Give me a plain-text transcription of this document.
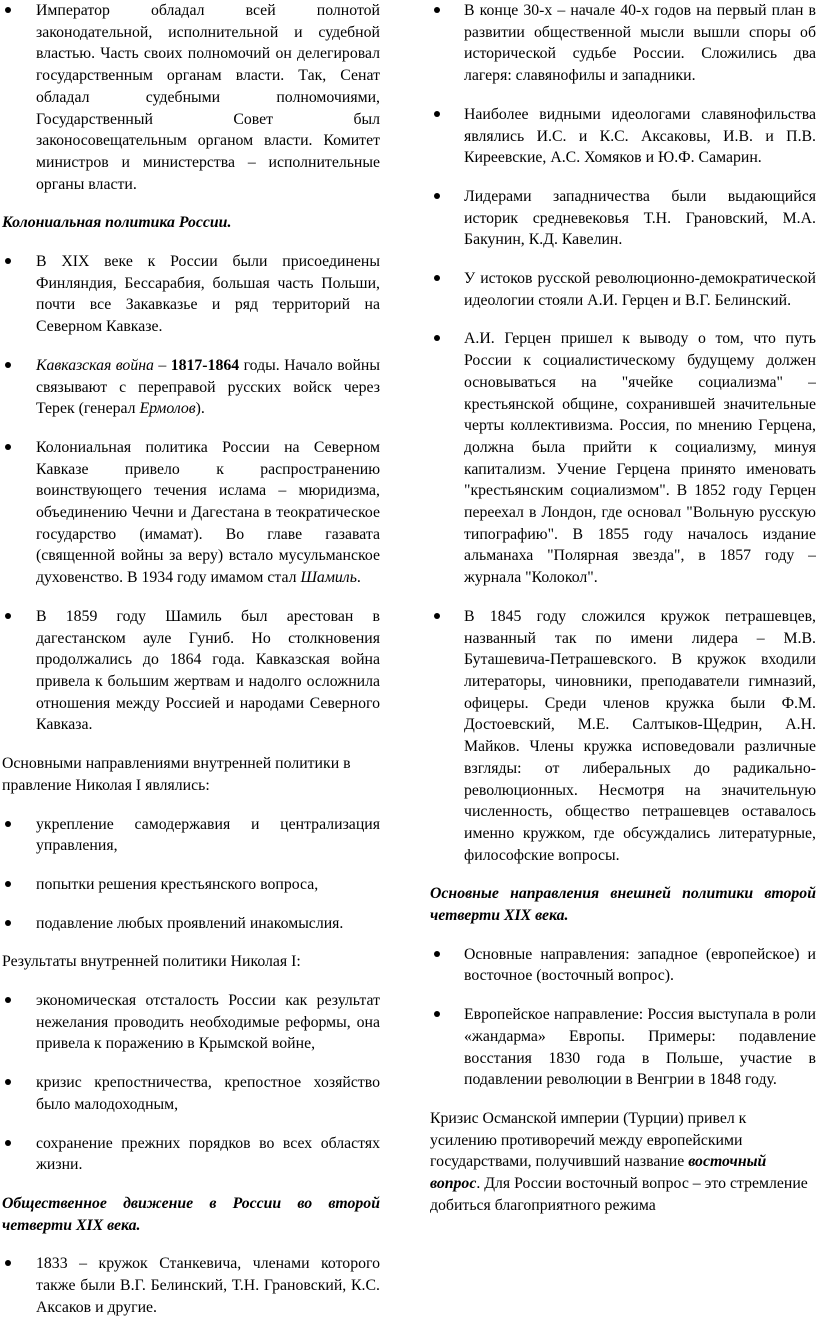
Император обладал всей полнотой законодательной, исполнительной и судебной властью. Часть своих полномочий он делегировал государственным органам власти. Так, Сенат обладал судебными полномочиями, Государственный Совет был законосовещательным органом власти. Комитет министров и министерства – исполнительные органы власти.

Колониальная политика России.

В XIX веке к России были присоединены Финляндия, Бессарабия, большая часть Польши, почти все Закавказье и ряд территорий на Северном Кавказе.
Кавказская война – 1817-1864 годы. Начало войны связывают с переправой русских войск через Терек (генерал Ермолов).
Колониальная политика России на Северном Кавказе привело к распространению воинствующего течения ислама – мюридизма, объединению Чечни и Дагестана в теократическое государство (имамат). Во главе газавата (священной войны за веру) встало мусульманское духовенство. В 1934 году имамом стал Шамиль.
В 1859 году Шамиль был арестован в дагестанском ауле Гуниб. Но столкновения продолжались до 1864 года. Кавказская война привела к большим жертвам и надолго осложнила отношения между Россией и народами Северного Кавказа.

Основными направлениями внутренней политики в правление Николая I являлись:

укрепление самодержавия и централизация управления,
попытки решения крестьянского вопроса,
подавление любых проявлений инакомыслия.

Результаты внутренней политики Николая I:

экономическая отсталость России как результат нежелания проводить необходимые реформы, она привела к поражению в Крымской войне,
кризис крепостничества, крепостное хозяйство было малодоходным,
сохранение прежних порядков во всех областях жизни.

Общественное движение в России во второй четверти XIX века.

1833 – кружок Станкевича, членами которого также были В.Г. Белинский, Т.Н. Грановский, К.С. Аксаков и другие.
В конце 30-х – начале 40-х годов на первый план в развитии общественной мысли вышли споры об исторической судьбе России. Сложились два лагеря: славянофилы и западники.
Наиболее видными идеологами славянофильства являлись И.С. и К.С. Аксаковы, И.В. и П.В. Киреевские, А.С. Хомяков и Ю.Ф. Самарин.
Лидерами западничества были выдающийся историк средневековья Т.Н. Грановский, М.А. Бакунин, К.Д. Кавелин.
У истоков русской революционно-демократической идеологии стояли А.И. Герцен и В.Г. Белинский.
А.И. Герцен пришел к выводу о том, что путь России к социалистическому будущему должен основываться на "ячейке социализма" – крестьянской общине, сохранившей значительные черты коллективизма. Россия, по мнению Герцена, должна была прийти к социализму, минуя капитализм. Учение Герцена принято именовать "крестьянским социализмом". В 1852 году Герцен переехал в Лондон, где основал "Вольную русскую типографию". В 1855 году началось издание альманаха "Полярная звезда", в 1857 году – журнала "Колокол".
В 1845 году сложился кружок петрашевцев, названный так по имени лидера – М.В. Буташевича-Петрашевского. В кружок входили литераторы, чиновники, преподаватели гимназий, офицеры. Среди членов кружка были Ф.М. Достоевский, М.Е. Салтыков-Щедрин, А.Н. Майков. Члены кружка исповедовали различные взгляды: от либеральных до радикально-революционных. Несмотря на значительную численность, общество петрашевцев оставалось именно кружком, где обсуждались литературные, философские вопросы.

Основные направления внешней политики второй четверти XIX века.

Основные направления: западное (европейское) и восточное (восточный вопрос).
Европейское направление: Россия выступала в роли «жандарма» Европы. Примеры: подавление восстания 1830 года в Польше, участие в подавлении революции в Венгрии в 1848 году.

Кризис Османской империи (Турции) привел к усилению противоречий между европейскими государствами, получивший название восточный вопрос. Для России восточный вопрос – это стремление добиться благоприятного режима
